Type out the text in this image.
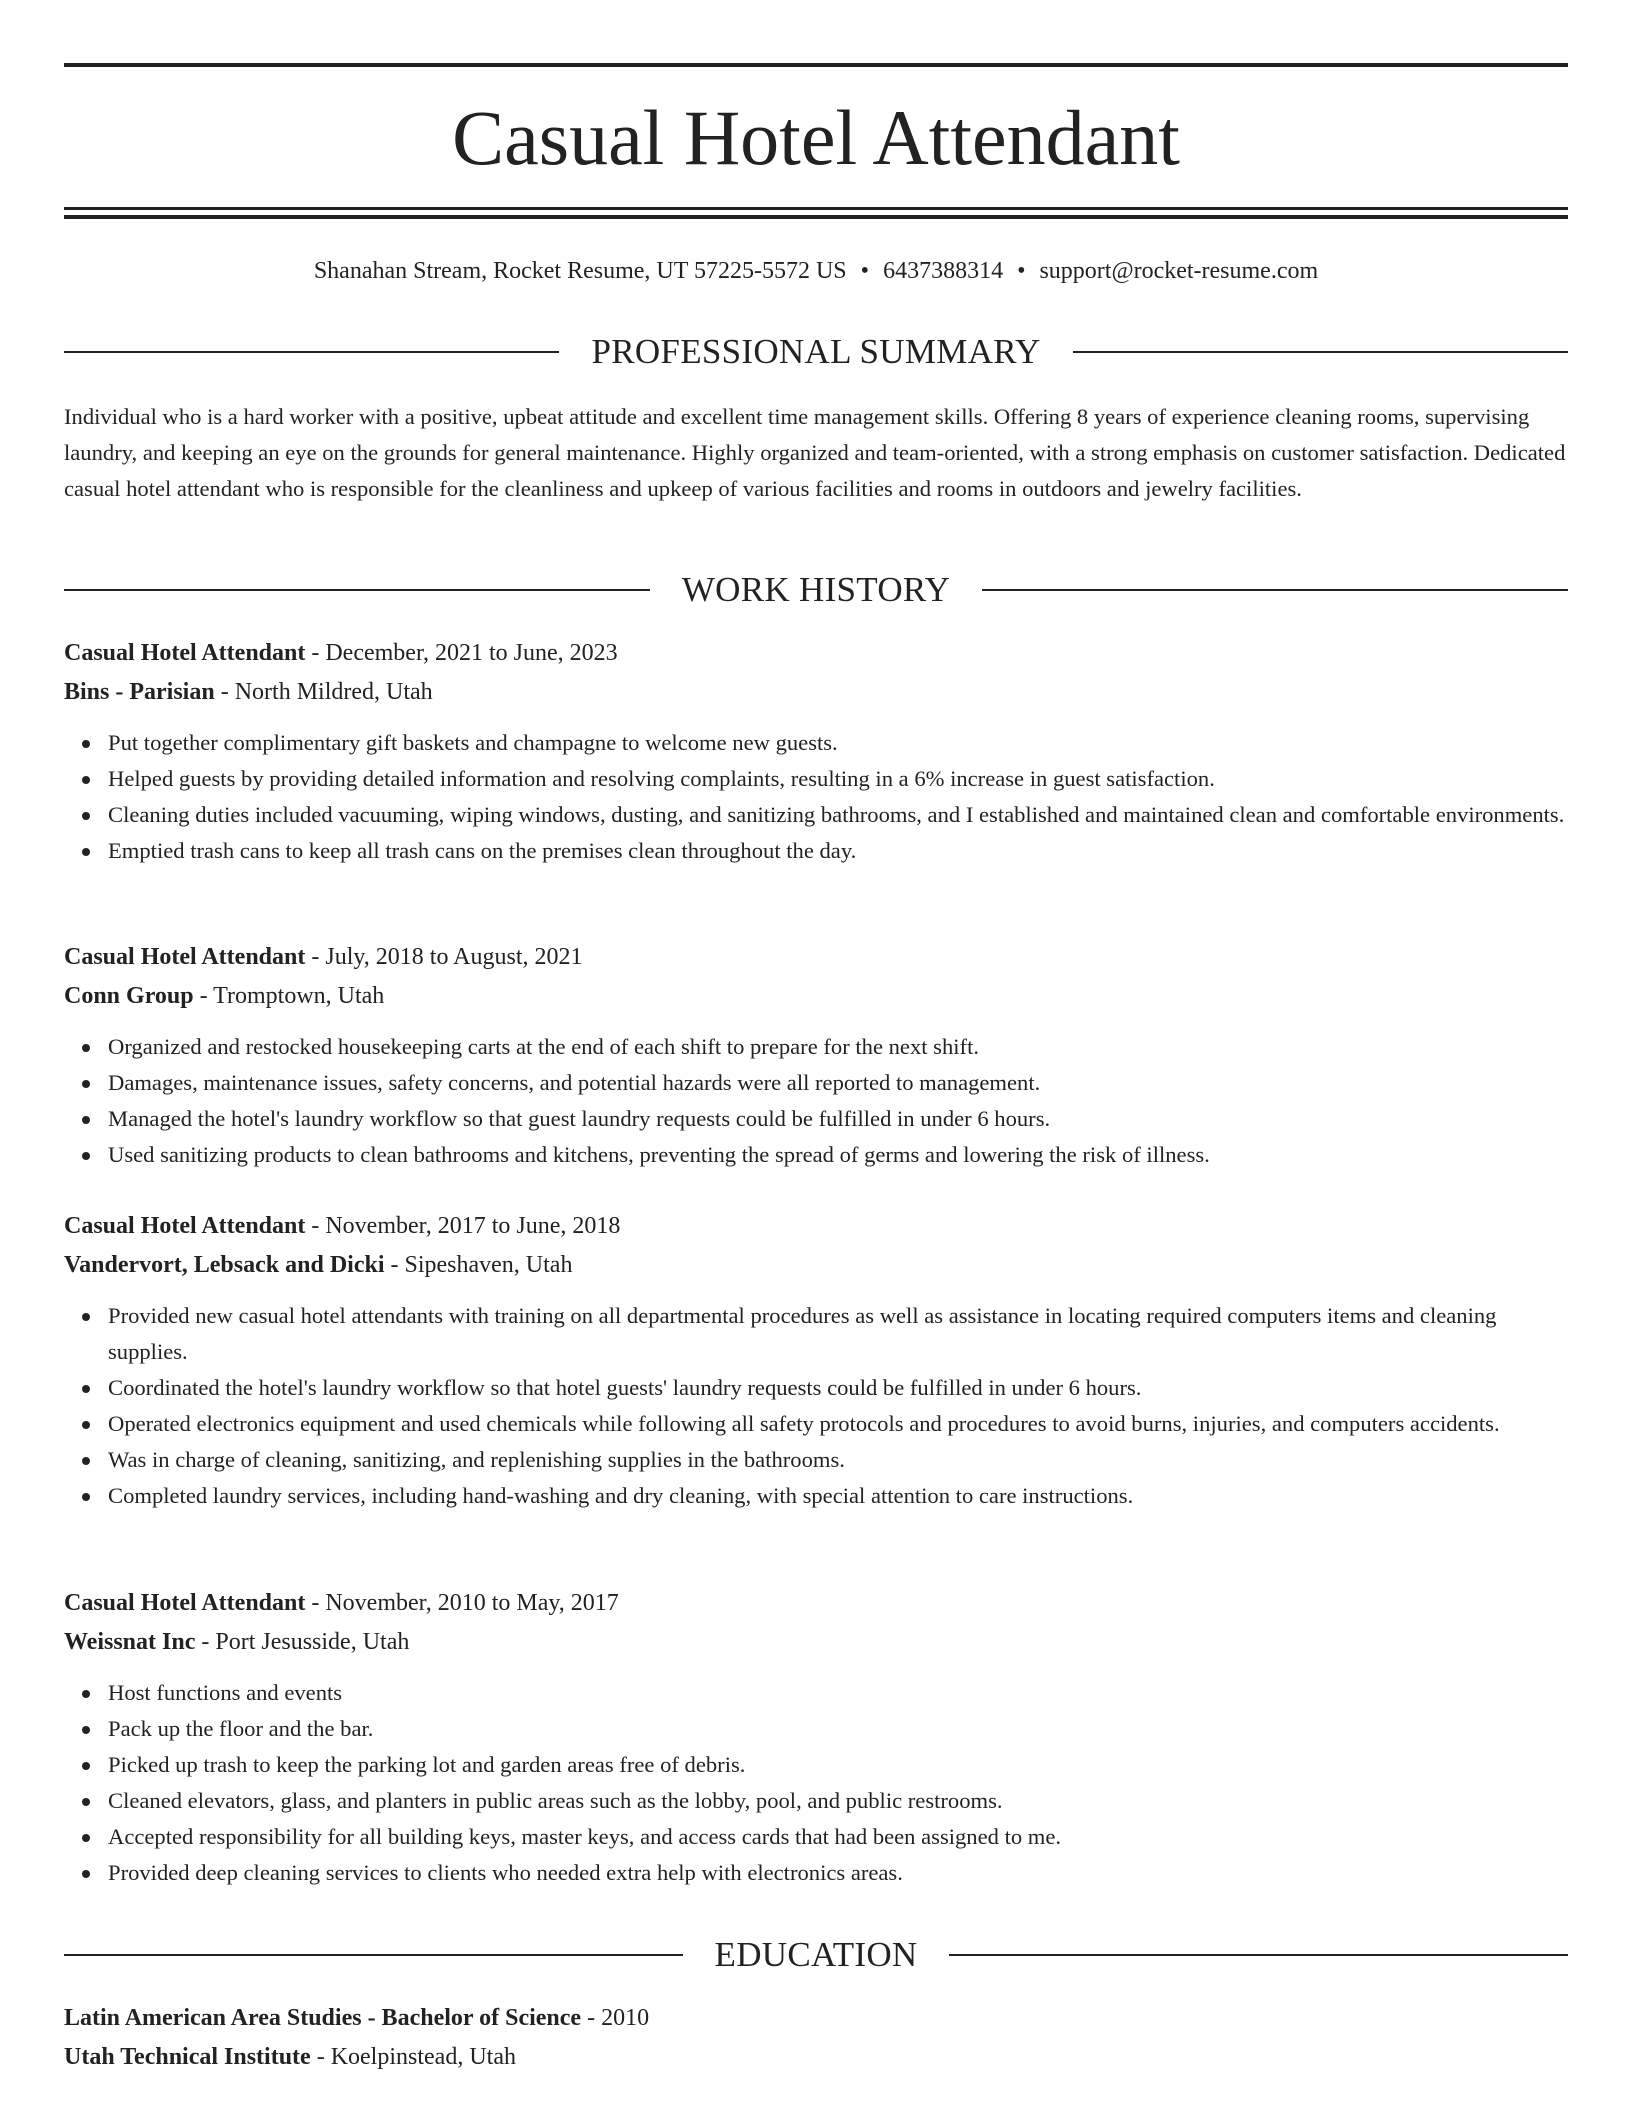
Casual Hotel Attendant
Shanahan Stream, Rocket Resume, UT 57225-5572 US • 6437388314 • support@rocket-resume.com
PROFESSIONAL SUMMARY

Individual who is a hard worker with a positive, upbeat attitude and excellent time management skills. Offering 8 years of experience cleaning rooms, supervising laundry, and keeping an eye on the grounds for general maintenance. Highly organized and team-oriented, with a strong emphasis on customer satisfaction. Dedicated casual hotel attendant who is responsible for the cleanliness and upkeep of various facilities and rooms in outdoors and jewelry facilities.

WORK HISTORY
Casual Hotel Attendant - December, 2021 to June, 2023
Bins - Parisian - North Mildred, Utah
Put together complimentary gift baskets and champagne to welcome new guests.
Helped guests by providing detailed information and resolving complaints, resulting in a 6% increase in guest satisfaction.
Cleaning duties included vacuuming, wiping windows, dusting, and sanitizing bathrooms, and I established and maintained clean and comfortable environments.
Emptied trash cans to keep all trash cans on the premises clean throughout the day.
Casual Hotel Attendant - July, 2018 to August, 2021
Conn Group - Tromptown, Utah
Organized and restocked housekeeping carts at the end of each shift to prepare for the next shift.
Damages, maintenance issues, safety concerns, and potential hazards were all reported to management.
Managed the hotel's laundry workflow so that guest laundry requests could be fulfilled in under 6 hours.
Used sanitizing products to clean bathrooms and kitchens, preventing the spread of germs and lowering the risk of illness.
Casual Hotel Attendant - November, 2017 to June, 2018
Vandervort, Lebsack and Dicki - Sipeshaven, Utah
Provided new casual hotel attendants with training on all departmental procedures as well as assistance in locating required computers items and cleaning supplies.
Coordinated the hotel's laundry workflow so that hotel guests' laundry requests could be fulfilled in under 6 hours.
Operated electronics equipment and used chemicals while following all safety protocols and procedures to avoid burns, injuries, and computers accidents.
Was in charge of cleaning, sanitizing, and replenishing supplies in the bathrooms.
Completed laundry services, including hand-washing and dry cleaning, with special attention to care instructions.
Casual Hotel Attendant - November, 2010 to May, 2017
Weissnat Inc - Port Jesusside, Utah
Host functions and events
Pack up the floor and the bar.
Picked up trash to keep the parking lot and garden areas free of debris.
Cleaned elevators, glass, and planters in public areas such as the lobby, pool, and public restrooms.
Accepted responsibility for all building keys, master keys, and access cards that had been assigned to me.
Provided deep cleaning services to clients who needed extra help with electronics areas.
EDUCATION
Latin American Area Studies - Bachelor of Science - 2010
Utah Technical Institute - Koelpinstead, Utah
